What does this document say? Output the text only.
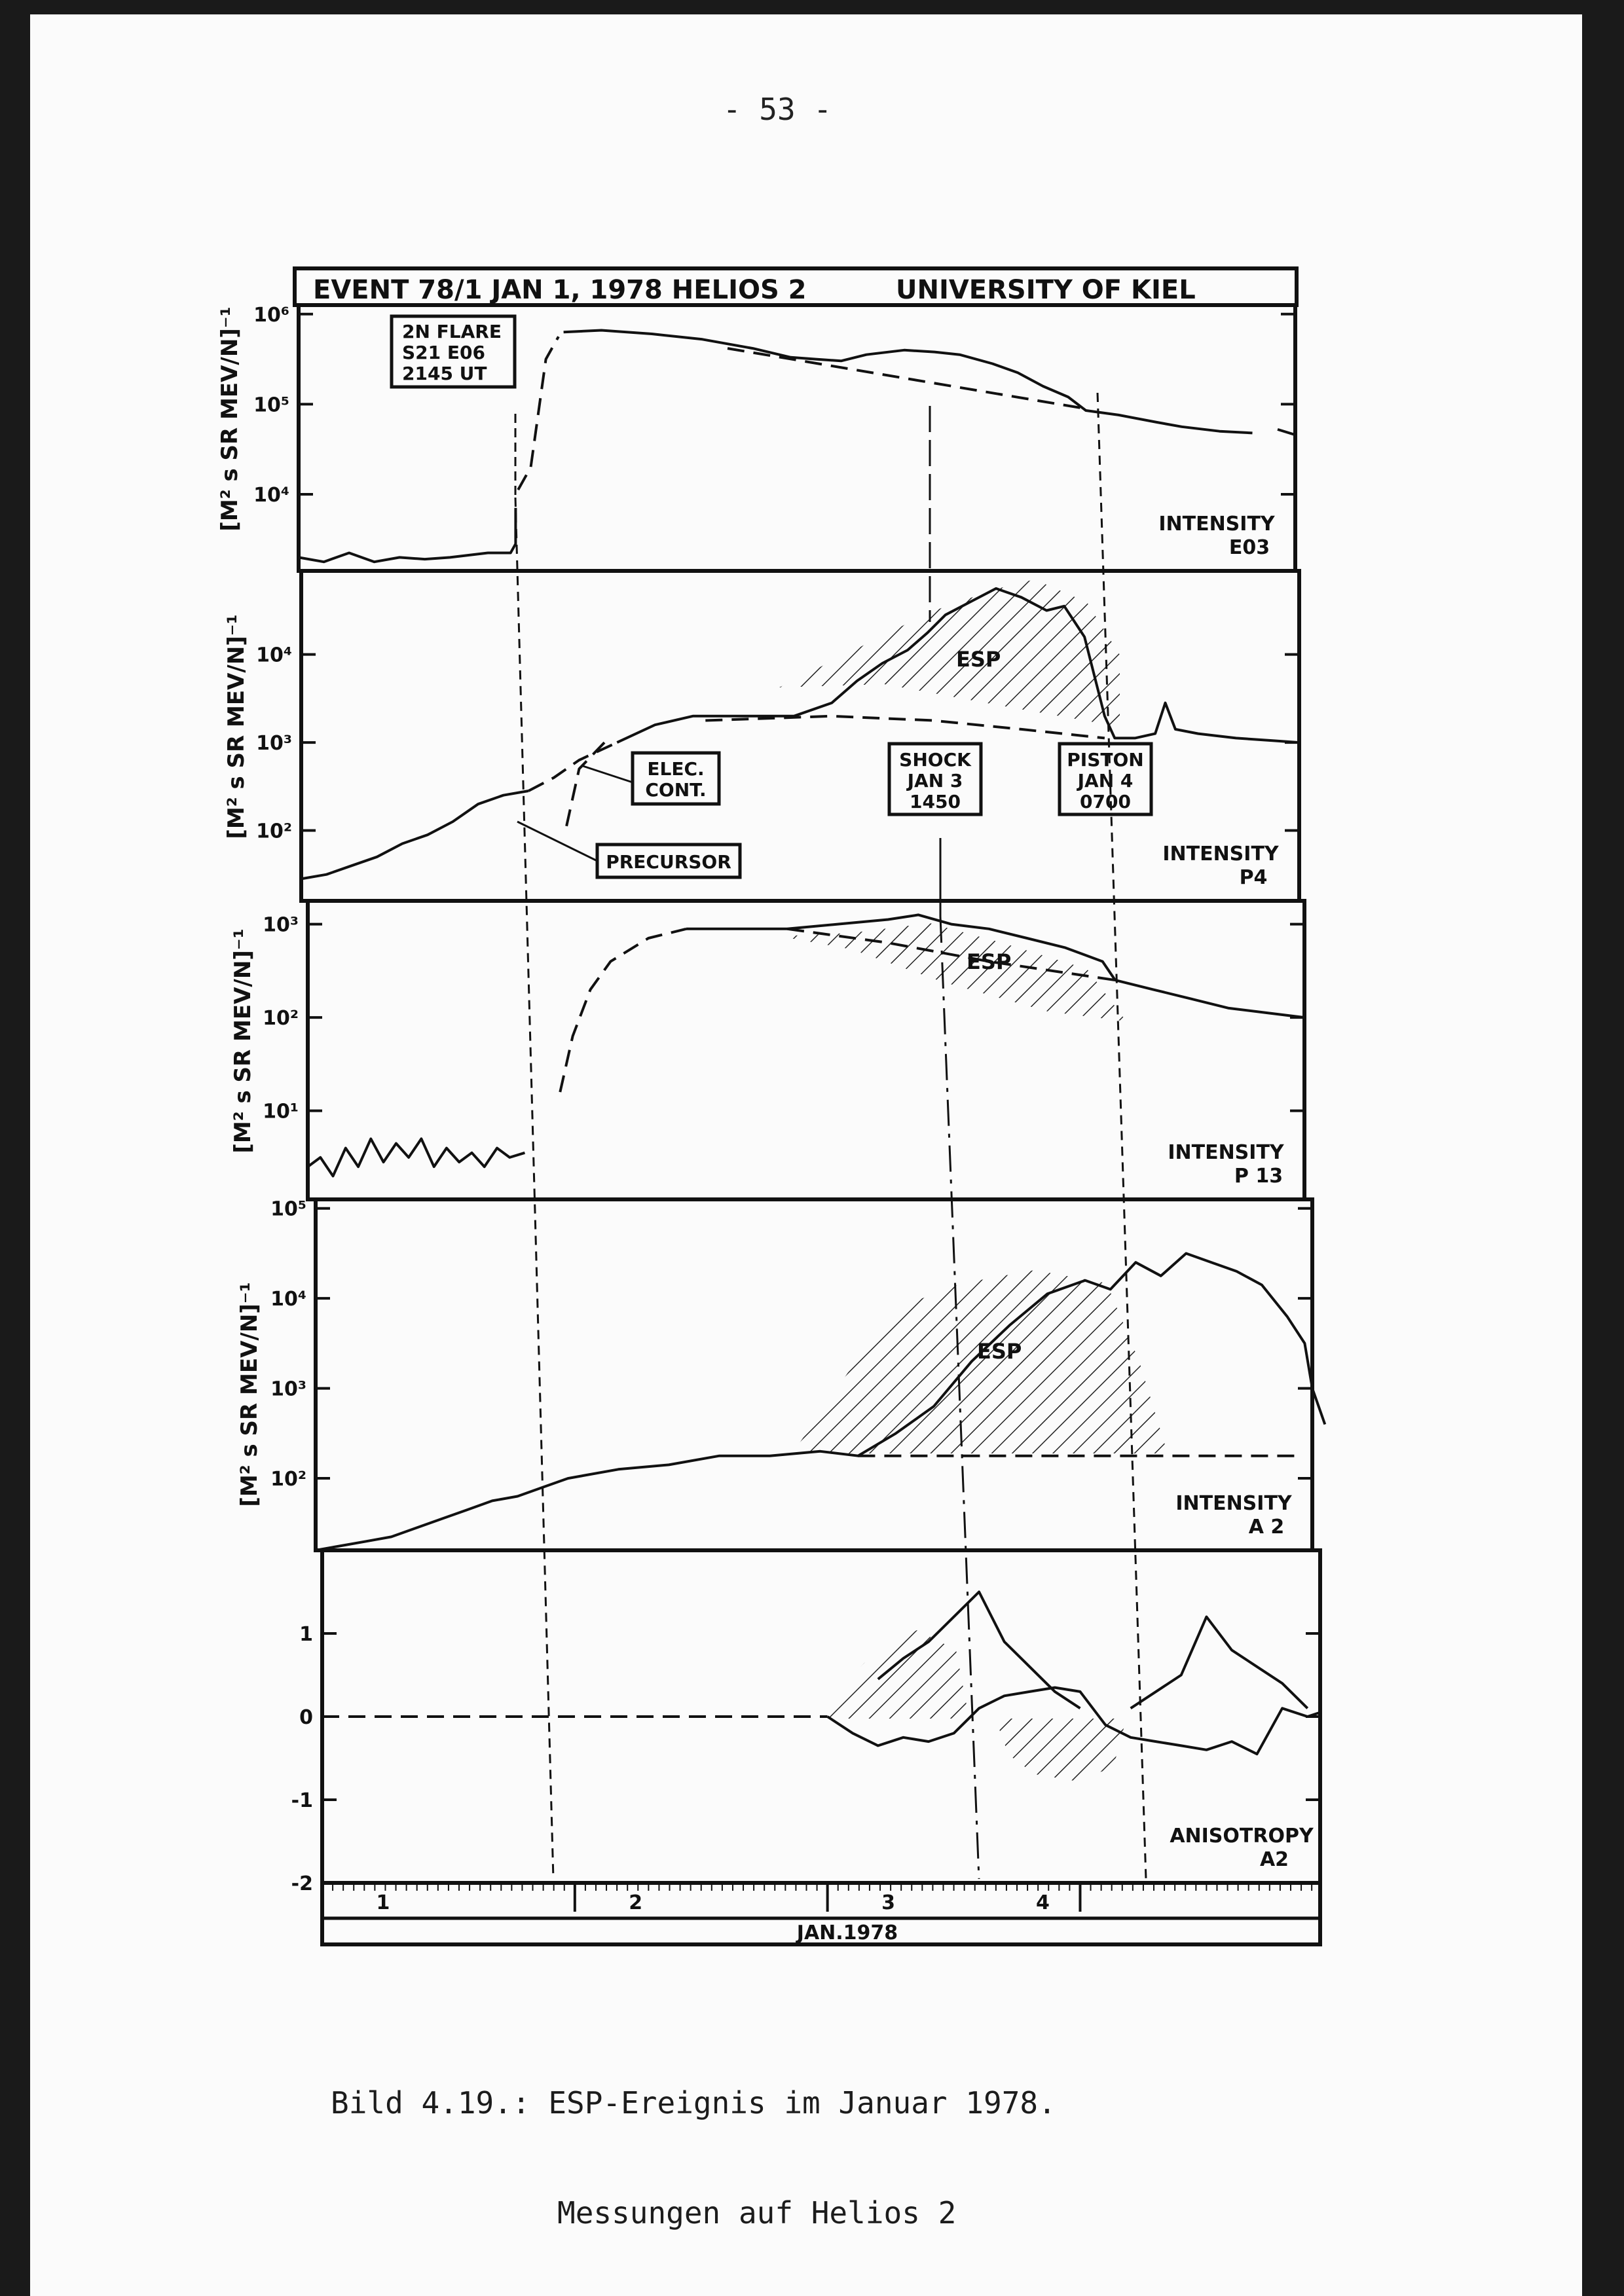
- 53 -
EVENT 78/1 JAN 1, 1978 HELIOS 2	UNIVERSITY OF KIEL
10⁴
10⁵
10⁶
INTENSITY
E03
10²
10³
10⁴
INTENSITY
P4
10¹
10²
10³
INTENSITY
P 13
10²
10³
10⁴
10⁵
INTENSITY
A 2
-2
-1
0
1
ANISOTROPY
A2
2N FLARE
S21 E06
2145 UT
SHOCK
JAN 3
1450
PISTON
JAN 4
0700
ELEC.
CONT.
PRECURSOR
ESP
ESP
ESP
[M² s SR MEV/N]⁻¹
[M² s SR MEV/N]⁻¹
[M² s SR MEV/N]⁻¹
[M² s SR MEV/N]⁻¹
1	2	3	4
JAN.1978

Bild 4.19.: ESP-Ereignis im Januar 1978.

Messungen auf Helios 2
